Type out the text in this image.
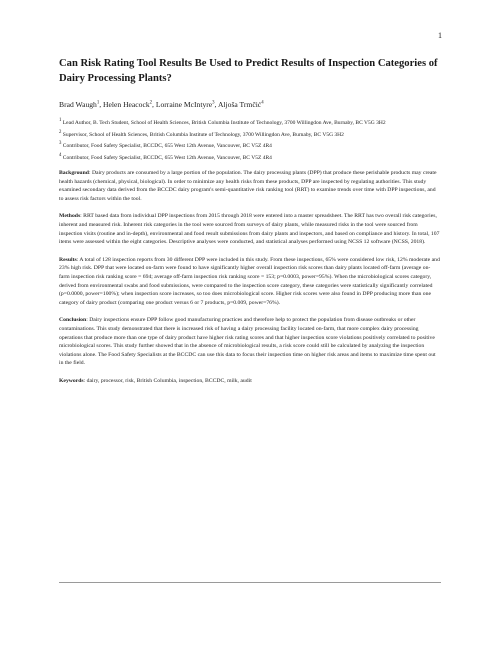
1
Can Risk Rating Tool Results Be Used to Predict Results of Inspection Categories of Dairy Processing Plants?
Brad Waugh$^1$, Helen Heacock$^2$, Lorraine McIntyre$^3$, Aljoša Trmčić$^4$
$^1$ Lead Author, B. Tech Student, School of Health Sciences, British Columbia Institute of Technology, 3700 Willingdon Ave, Burnaby, BC V5G 3H2
$^2$ Supervisor, School of Health Sciences, British Columbia Institute of Technology, 3700 Willingdon Ave, Burnaby, BC V5G 3H2
$^3$ Contributor, Food Safety Specialist, BCCDC, 655 West 12th Avenue, Vancouver, BC V5Z 4R4
$^4$ Contributor, Food Safety Specialist, BCCDC, 655 West 12th Avenue, Vancouver, BC V5Z 4R4

Background: Dairy products are consumed by a large portion of the population. The dairy processing plants (DPP) that produce these perishable products may create health hazards (chemical, physical, biological). In order to minimize any health risks from these products, DPP are inspected by regulating authorities. This study examined secondary data derived from the BCCDC dairy program's semi-quantitative risk ranking tool (RRT) to examine trends over time with DPP inspections, and to assess risk factors within the tool.

Methods: RRT based data from individual DPP inspections from 2015 through 2018 were entered into a master spreadsheet. The RRT has two overall risk categories, inherent and measured risk. Inherent risk categories in the tool were sourced from surveys of dairy plants, while measured risks in the tool were sourced from inspection visits (routine and in-depth), environmental and food result submissions from dairy plants and inspectors, and based on compliance and history. In total, 107 items were assessed within the eight categories. Descriptive analyses were conducted, and statistical analyses performed using NCSS 12 software (NCSS, 2018).

Results: A total of 128 inspection reports from 30 different DPP were included in this study. From these inspections, 65% were considered low risk, 12% moderate and 23% high risk. DPP that were located on-farm were found to have significantly higher overall inspection risk scores than dairy plants located off-farm (average on-farm inspection risk ranking score = 694; average off-farm inspection risk ranking score = 153; p=0.0003, power=95%). When the microbiological scores category, derived from environmental swabs and food submissions, were compared to the inspection score category, these categories were statistically significantly correlated (p=0.0000, power=100%); when inspection score increases, so too does microbiological score. Higher risk scores were also found in DPP producing more than one category of dairy product (comparing one product versus 6 or 7 products, p=0.009, power=76%).

Conclusion: Dairy inspections ensure DPP follow good manufacturing practices and therefore help to protect the population from disease outbreaks or other contaminations. This study demonstrated that there is increased risk of having a dairy processing facility located on-farm, that more complex dairy processing operations that produce more than one type of dairy product have higher risk rating scores and that higher inspection score violations positively correlated to positive microbiological scores. This study further showed that in the absence of microbiological results, a risk score could still be calculated by analyzing the inspection violations alone. The Food Safety Specialists at the BCCDC can use this data to focus their inspection time on higher risk areas and items to maximize time spent out in the field.

Keywords: dairy, processor, risk, British Columbia, inspection, BCCDC, milk, audit
